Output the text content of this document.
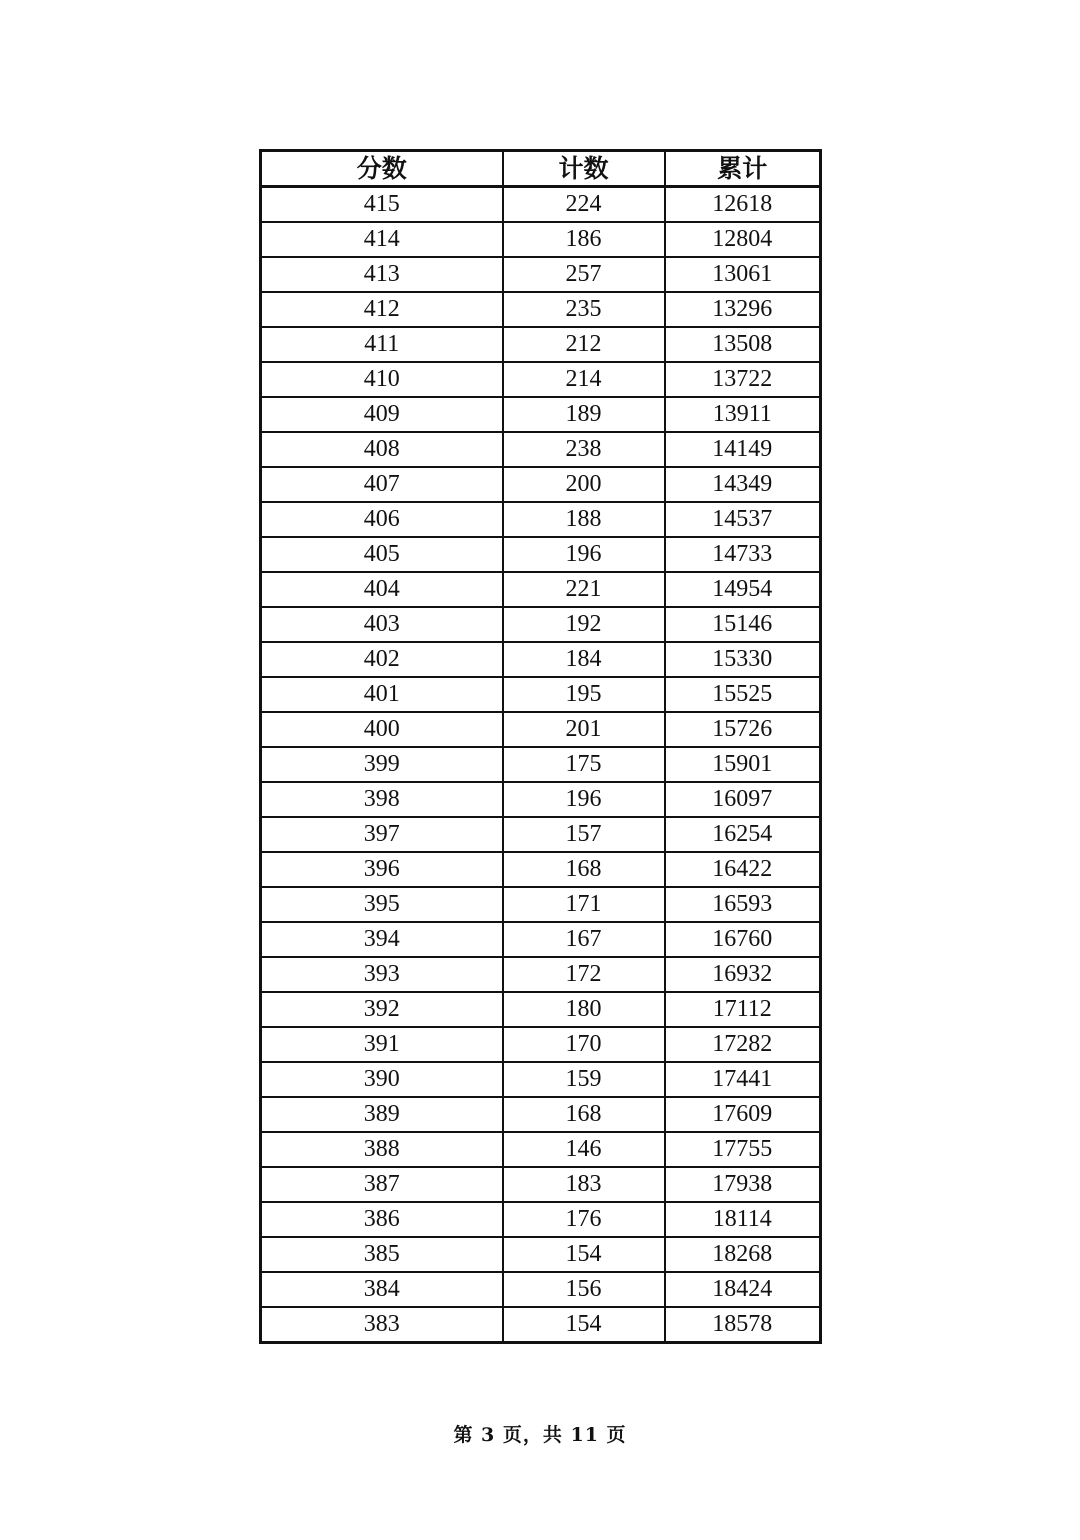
分数	计数	累计
415	224	12618
414	186	12804
413	257	13061
412	235	13296
411	212	13508
410	214	13722
409	189	13911
408	238	14149
407	200	14349
406	188	14537
405	196	14733
404	221	14954
403	192	15146
402	184	15330
401	195	15525
400	201	15726
399	175	15901
398	196	16097
397	157	16254
396	168	16422
395	171	16593
394	167	16760
393	172	16932
392	180	17112
391	170	17282
390	159	17441
389	168	17609
388	146	17755
387	183	17938
386	176	18114
385	154	18268
384	156	18424
383	154	18578
第 3 页，共 11 页
